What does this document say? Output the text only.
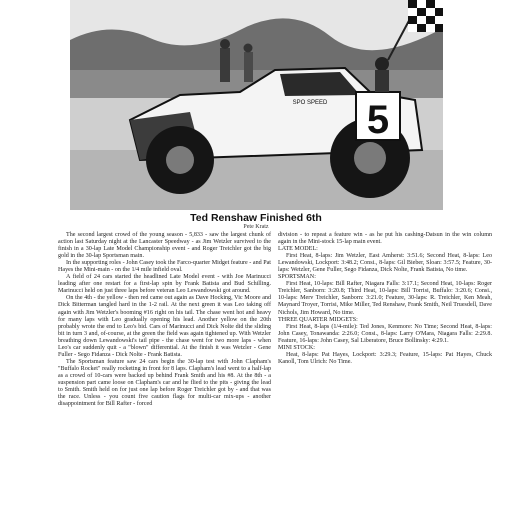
5
SPO SPEED
Ted Renshaw Finished 6th
Pete Kratz

The second largest crowd of the young season - 5,833 - saw the largest chunk of action last Saturday night at the Lancaster Speedway - as Jim Wetzler survived to the finish in a 30-lap Late Model Championship event - and Roger Treichler got the big gold in the 30-lap Sportsman main.

In the supporting roles - John Casey took the Farco-quarter Midget feature - and Pat Hayes the Mini-main - on the 1/4 mile infield oval.

A field of 24 cars started the headlined Late Model event - with Joe Marinucci leading after one restart for a first-lap spin by Frank Batista and Bud Schilling. Marinucci held on just three laps before veteran Leo Lewandowski got around.

On the 4th - the yellow - then red came out again as Dave Hocking, Vic Moore and Dick Bitterman tangled hard in the 1-2 rail. At the next green it was Leo taking off again with Jim Wetzler's booming #16 right on his tail. The chase went hot and heavy for many laps with Leo gradually opening his lead. Another yellow on the 20th probably wrote the end to Leo's bid. Cars of Marinucci and Dick Nolte did the sliding bit in turn 3 and, of-course, at the green the field was again tightened up. With Wetzler breathing down Lewandowski's tail pipe - the chase went for two more laps - when Leo's car suddenly quit - a "blown" differential. At the finish it was Wetzler - Gene Fuller - Sego Fidanza - Dick Nolte - Frank Batista.

The Sportsman feature saw 24 cars begin the 30-lap test with John Clapham's "Buffalo Rocket" really rocketing in front for 8 laps. Clapham's lead went to a half-lap as a crowd of 10-cars were backed up behind Frank Smith and his #8. At the 8th - a suspension part came loose on Clapham's car and he flied to the pits - giving the lead to Smith. Smith held on for just one lap before Roger Treichler got by - and that was the race. Unless - you count five caution flags for multi-car mix-ups - another disappointment for Bill Rafter - forced

division - to repeat a feature win - as he put his cashing-Datsun in the win column again in the Mini-stock 15-lap main event.

LATE MODEL:

First Heat, 8-laps: Jim Wetzler, East Amherst: 3:51.6; Second Heat, 8-laps: Leo Lewandowski, Lockport: 3:48.2; Consi., 8-laps: Gil Bieber, Sloan: 3:57.5; Feature, 30-laps: Wetzler, Gene Fuller, Sego Fidanza, Dick Nolte, Frank Batista, No time.

SPORTSMAN:

First Heat, 10-laps: Bill Rafter, Niagara Falls: 3:17.1; Second Heat, 10-laps: Roger Treichler, Sanborn: 3:20.8; Third Heat, 10-laps: Bill Torrisi, Buffalo: 3:20.6; Consi., 10-laps: Merv Treichler, Sanborn: 3:21.0; Feature, 30-laps: R. Treichler, Ken Meah, Maynard Troyer, Torrisi, Mike Miller, Ted Renshaw, Frank Smith, Neil Truesdell, Dave Nichols, Jim Howard, No time.

THREE QUARTER MIDGETS:

First Heat, 8-laps (1/4-mile): Ted Jones, Kenmore: No Time; Second Heat, 8-laps: John Casey, Tonawanda: 2:26.0; Consi., 8-laps: Larry O'Mara, Niagara Falls: 2:29.8. Feature, 16-laps: John Casey, Sal Liberatore, Bruce Bollinsky: 4:29.1.

MINI STOCK:

Heat, 8-laps: Pat Hayes, Lockport: 3:29.3; Feature, 15-laps: Pat Hayes, Chuck Kanoll, Tom Ulrich: No Time.
